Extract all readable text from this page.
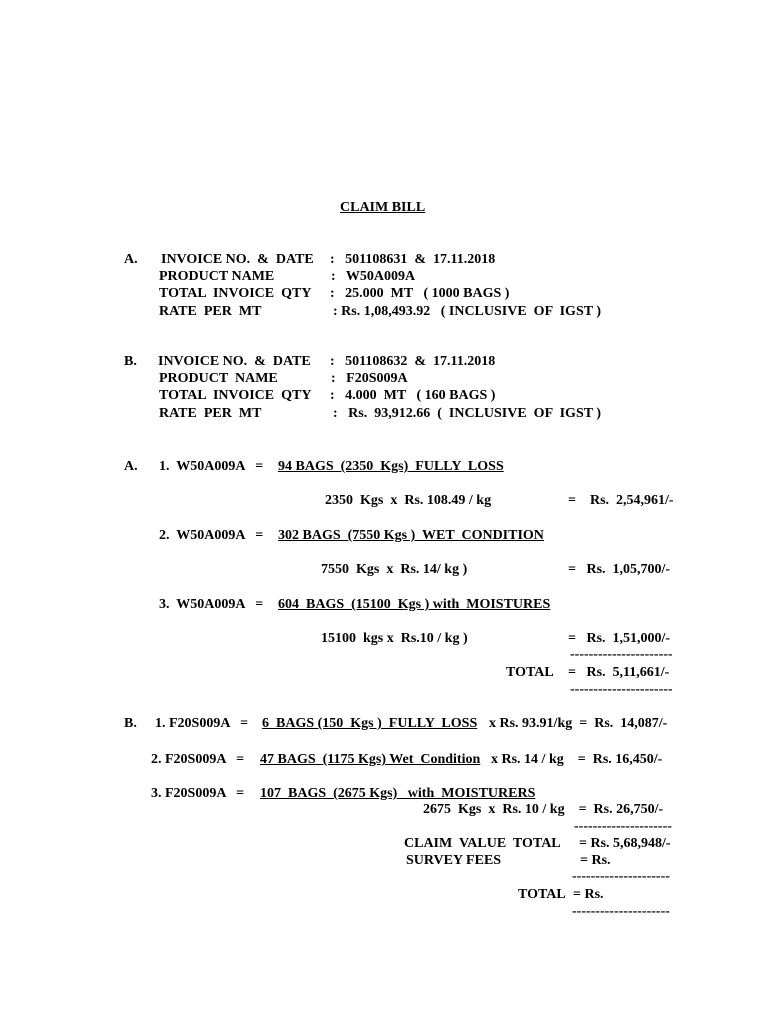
CLAIM BILL
A. INVOICE NO.  &  DATE :   501108631  &  17.11.2018
PRODUCT NAME	:   W50A009A
TOTAL  INVOICE  QTY :   25.000  MT   ( 1000 BAGS )
RATE  PER  MT	: Rs. 1,08,493.92   ( INCLUSIVE  OF  IGST )
B. INVOICE NO.  &  DATE :   501108632  &  17.11.2018
PRODUCT  NAME	:   F20S009A
TOTAL  INVOICE  QTY :   4.000  MT   ( 160 BAGS )
RATE  PER  MT	:   Rs.  93,912.66  (  INCLUSIVE  OF  IGST )
A. 1.  W50A009A   = 94 BAGS  (2350  Kgs)  FULLY  LOSS
2350  Kgs  x  Rs. 108.49 / kg	=    Rs.  2,54,961/-
2.  W50A009A   = 302 BAGS  (7550 Kgs )  WET  CONDITION
7550  Kgs  x  Rs. 14/ kg )	=   Rs.  1,05,700/-
3.  W50A009A   = 604  BAGS  (15100  Kgs ) with  MOISTURES
15100  kgs x  Rs.10 / kg )	=   Rs.  1,51,000/-
----------------------
TOTAL =   Rs.  5,11,661/-
----------------------
B. 1. F20S009A   = 6  BAGS (150  Kgs )  FULLY  LOSS x Rs. 93.91/kg  =  Rs.  14,087/-
2. F20S009A   = 47 BAGS  (1175 Kgs) Wet  Condition x Rs. 14 / kg    =  Rs. 16,450/-
3. F20S009A   = 107  BAGS  (2675 Kgs)   with  MOISTURERS
2675  Kgs  x  Rs. 10 / kg    =  Rs. 26,750/-
---------------------
CLAIM  VALUE  TOTAL = Rs. 5,68,948/-
SURVEY FEES	= Rs.
---------------------
TOTAL = Rs.
---------------------
